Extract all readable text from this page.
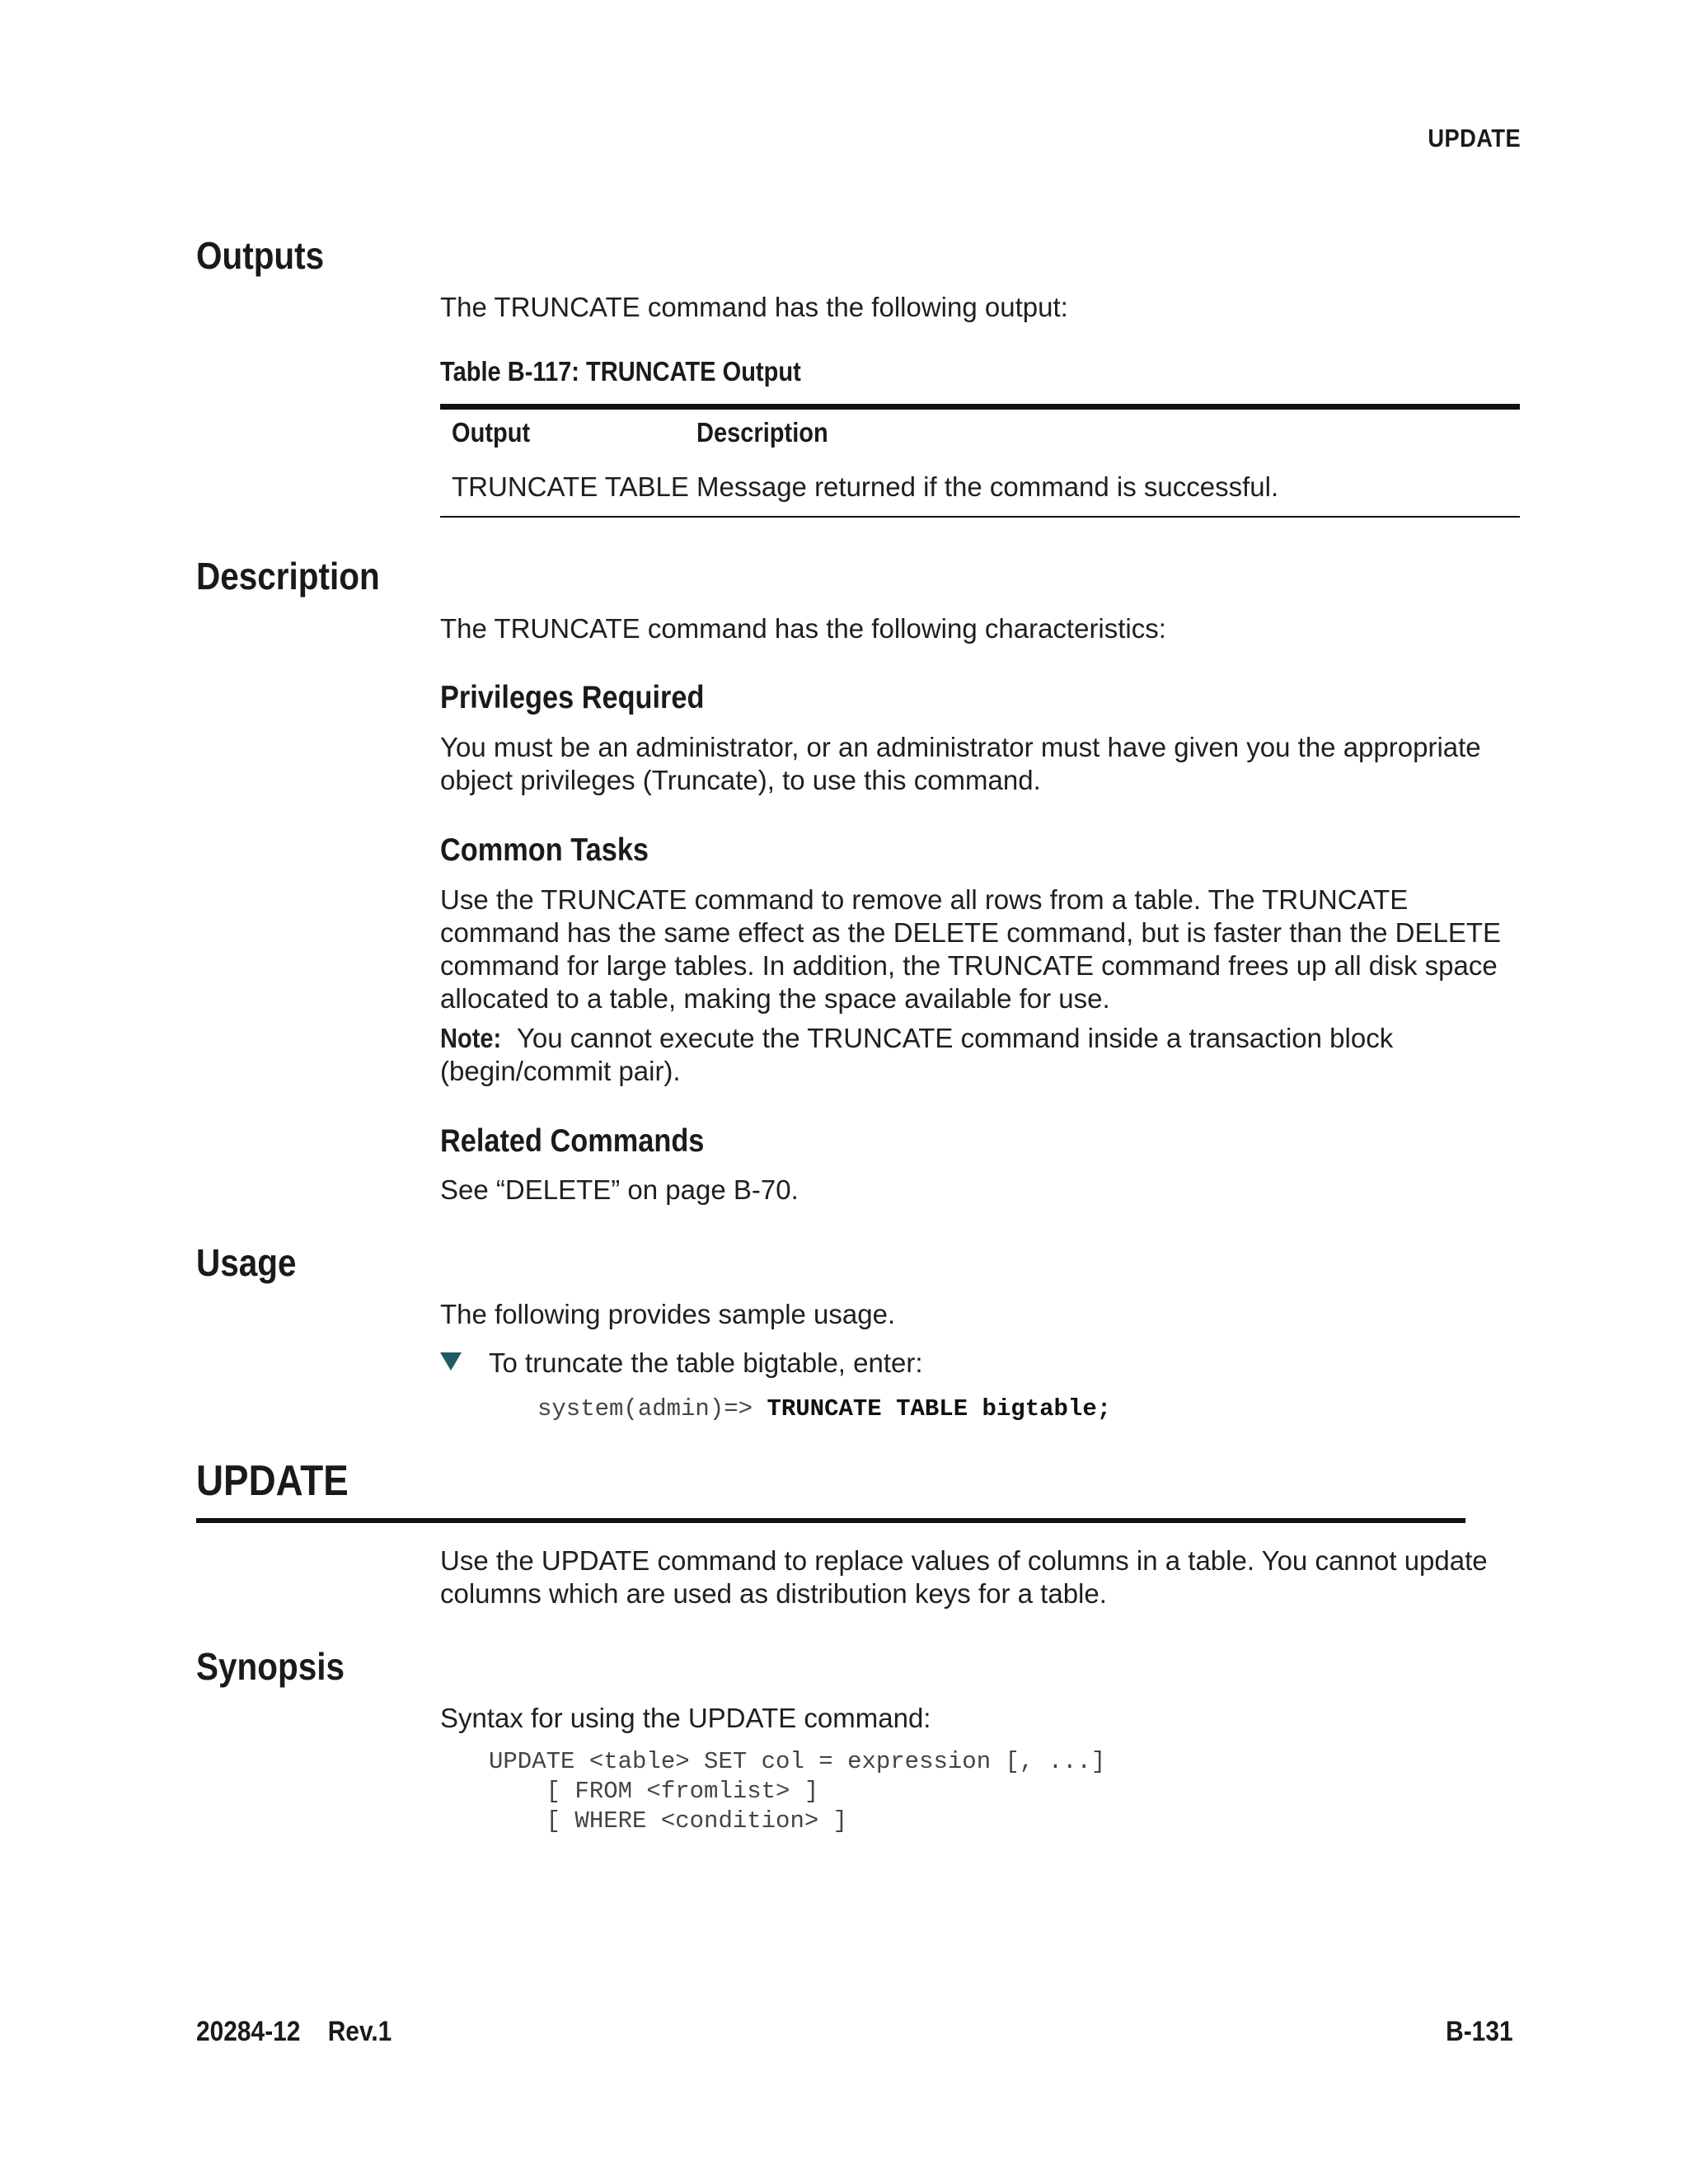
UPDATE
Outputs
The TRUNCATE command has the following output:
Table B-117: TRUNCATE Output
Output	Description
TRUNCATE TABLE Message returned if the command is successful.
Description
The TRUNCATE command has the following characteristics:
Privileges Required
You must be an administrator, or an administrator must have given you the appropriate object privileges (Truncate), to use this command.
Common Tasks
Use the TRUNCATE command to remove all rows from a table. The TRUNCATE command has the same effect as the DELETE command, but is faster than the DELETE command for large tables. In addition, the TRUNCATE command frees up all disk space allocated to a table, making the space available for use.
Note: You cannot execute the TRUNCATE command inside a transaction block (begin/commit pair).
Related Commands
See “DELETE” on page B-70.
Usage
The following provides sample usage.
To truncate the table bigtable, enter:
system(admin)=> TRUNCATE TABLE bigtable;
UPDATE
Use the UPDATE command to replace values of columns in a table. You cannot update columns which are used as distribution keys for a table.
Synopsis
Syntax for using the UPDATE command:
UPDATE <table> SET col = expression [, ...]
[ FROM <fromlist> ]
[ WHERE <condition> ]
20284-12    Rev.1	B-131
